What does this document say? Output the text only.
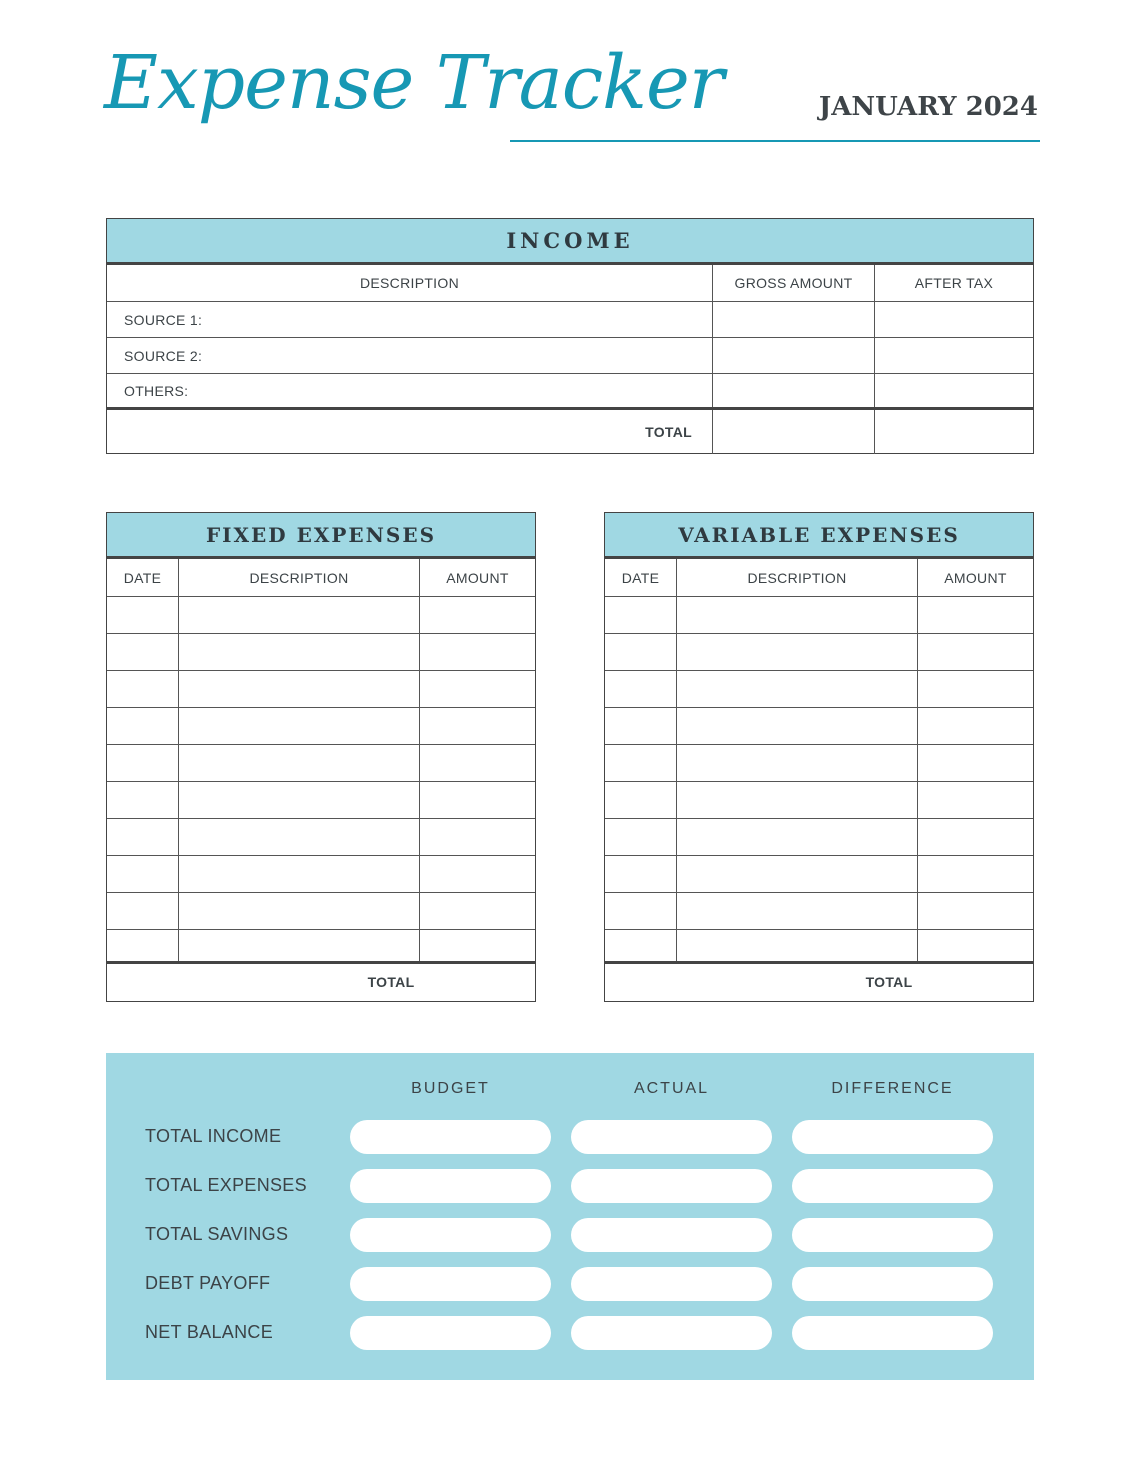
Expense Tracker	JANUARY 2024
INCOME
DESCRIPTION	GROSS AMOUNT	AFTER TAX
SOURCE 1:
SOURCE 2:
OTHERS:
TOTAL
FIXED EXPENSES
DATE	DESCRIPTION	AMOUNT
TOTAL
VARIABLE EXPENSES
DATE	DESCRIPTION	AMOUNT
TOTAL
BUDGET	ACTUAL	DIFFERENCE
TOTAL INCOME
TOTAL EXPENSES
TOTAL SAVINGS
DEBT PAYOFF
NET BALANCE
